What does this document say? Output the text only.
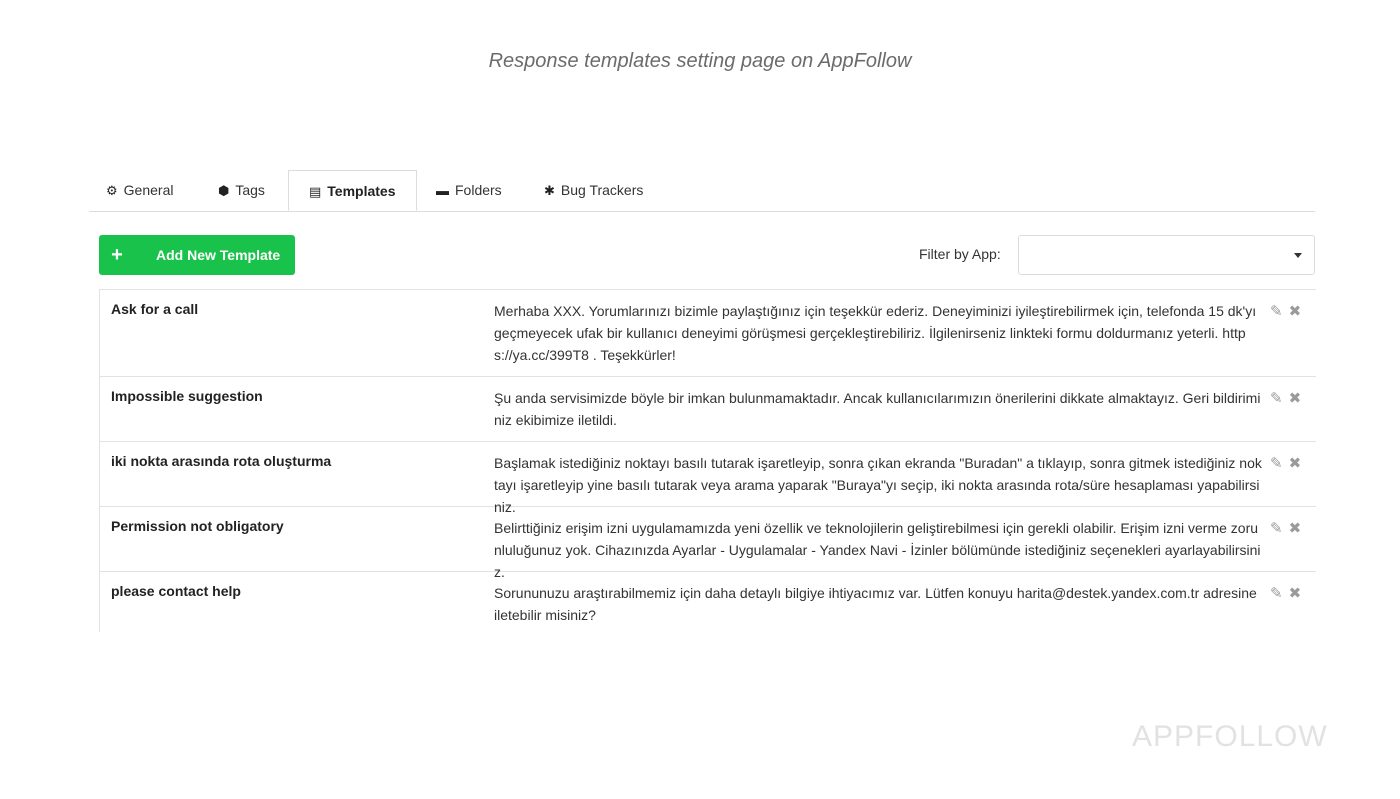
Response templates setting page on AppFollow
⚙ General	⬢ Tags	▤ Templates	▬ Folders	✱ Bug Trackers
+	Add New Template	Filter by App:
Ask for a call	Merhaba XXX. Yorumlarınızı bizimle paylaştığınız için teşekkür ederiz. Deneyiminizi iyileştirebilirmek için, telefonda 15 dk'yı geçmeyecek ufak bir kullanıcı deneyimi görüşmesi gerçekleştirebiliriz. İlgilenirseniz linkteki formu doldurmanız yeterli. https://ya.cc/399T8 . Teşekkürler!
✎ ✖
Impossible suggestion	Şu anda servisimizde böyle bir imkan bulunmamaktadır. Ancak kullanıcılarımızın önerilerini dikkate almaktayız. Geri bildiriminiz ekibimize iletildi.
✎ ✖
iki nokta arasında rota oluşturma	Başlamak istediğiniz noktayı basılı tutarak işaretleyip, sonra çıkan ekranda "Buradan" a tıklayıp, sonra gitmek istediğiniz noktayı işaretleyip yine basılı tutarak veya arama yaparak "Buraya"yı seçip, iki nokta arasında rota/süre hesaplaması yapabilirsiniz.
✎ ✖
Permission not obligatory	Belirttiğiniz erişim izni uygulamamızda yeni özellik ve teknolojilerin geliştirebilmesi için gerekli olabilir. Erişim izni verme zorunluluğunuz yok. Cihazınızda Ayarlar - Uygulamalar - Yandex Navi - İzinler bölümünde istediğiniz seçenekleri ayarlayabilirsiniz.
✎ ✖
please contact help	Sorununuzu araştırabilmemiz için daha detaylı bilgiye ihtiyacımız var. Lütfen konuyu harita@destek.yandex.com.tr adresine iletebilir misiniz?
✎ ✖
APPFOLLOW
